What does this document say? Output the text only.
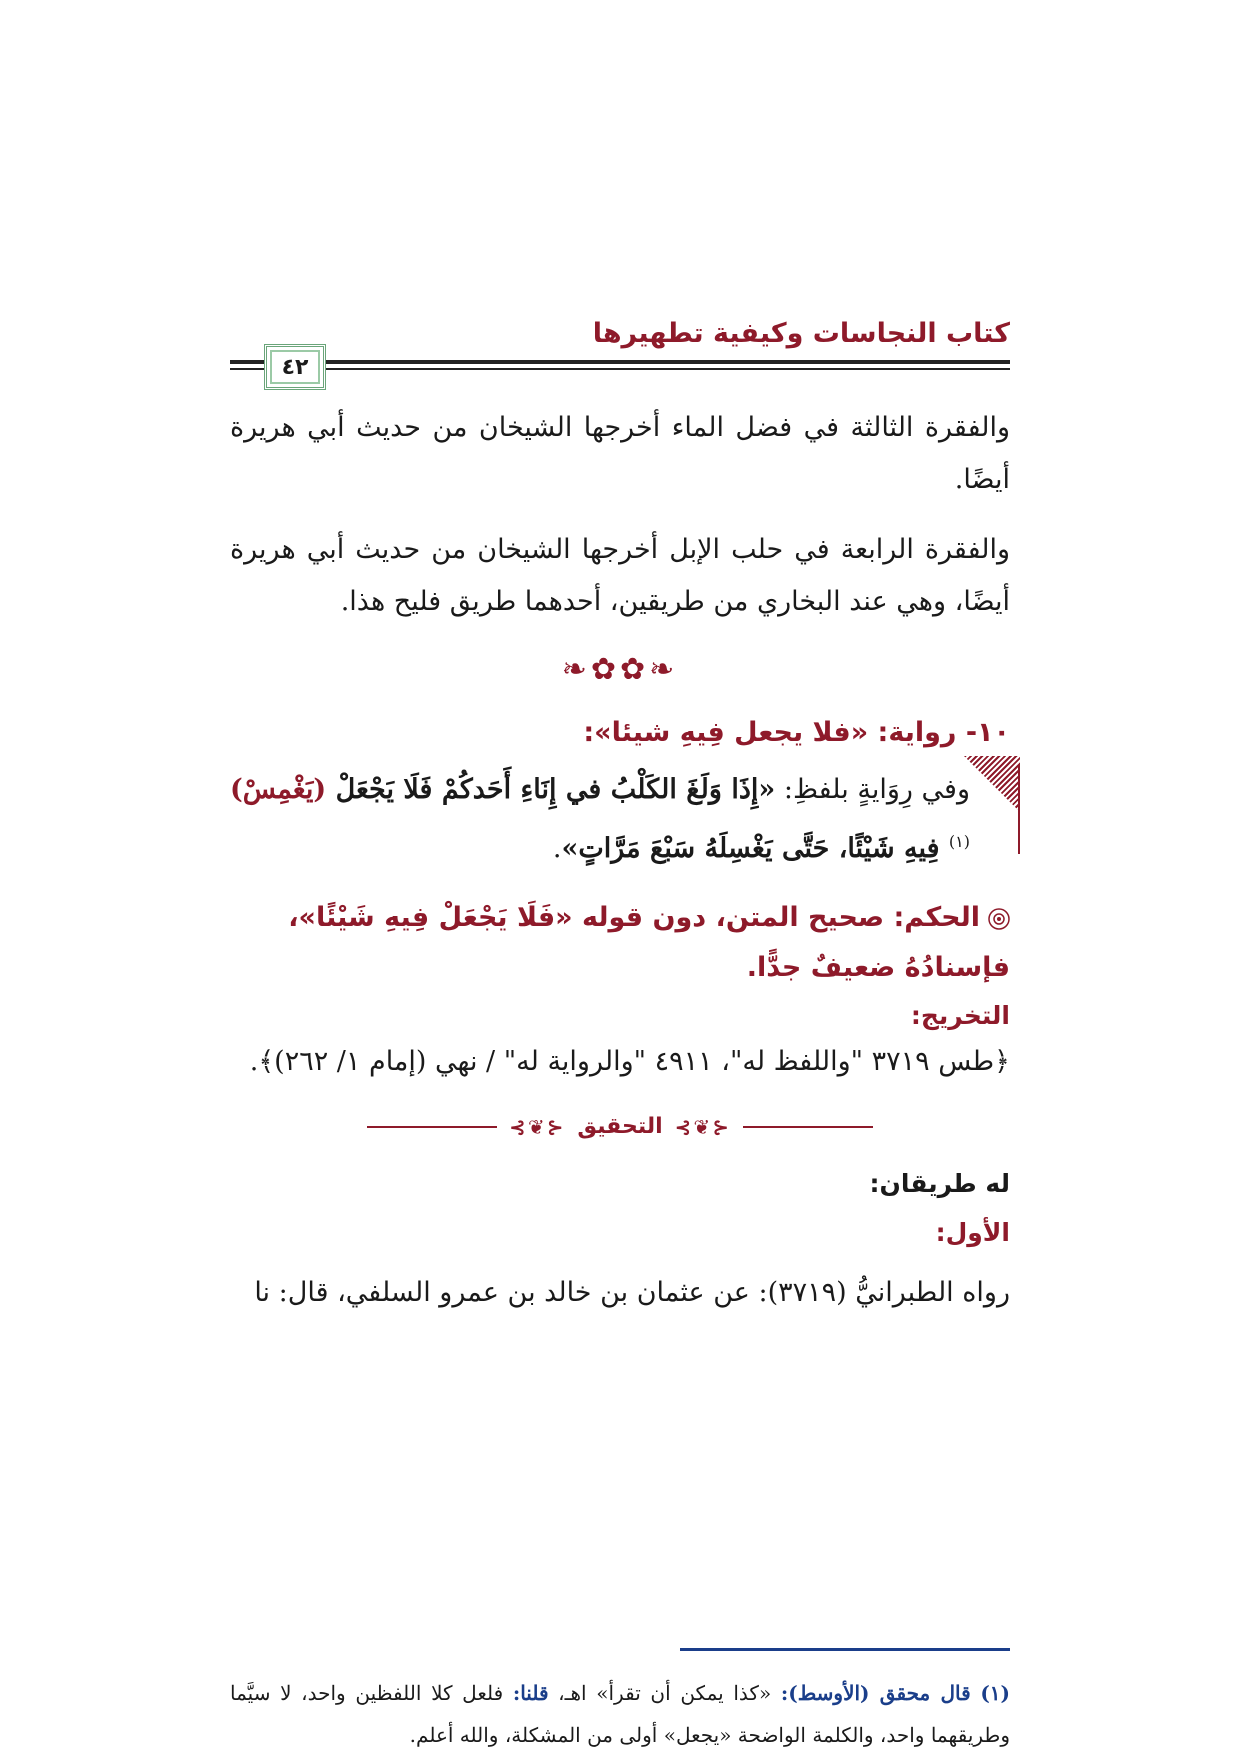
كتاب النجاسات وكيفية تطهيرها
٤٢

والفقرة الثالثة في فضل الماء أخرجها الشيخان من حديث أبي هريرة أيضًا.

والفقرة الرابعة في حلب الإبل أخرجها الشيخان من حديث أبي هريرة أيضًا، وهي عند البخاري من طريقين، أحدهما طريق فليح هذا.

❧✿✿❧
١٠- رواية: «فلا يجعل فِيهِ شيئا»:

وفي رِوَايةٍ بلفظِ: «إِذَا وَلَغَ الكَلْبُ في إِنَاءِ أَحَدكُمْ فَلَا يَجْعَلْ (يَغْمِسْ)$^{(١)}$ فِيهِ شَيْئًا، حَتَّى يَغْسِلَهُ سَبْعَ مَرَّاتٍ».

الحكم: صحيح المتن، دون قوله «فَلَا يَجْعَلْ فِيهِ شَيْئًا»، فإسنادُهُ ضعيفٌ جدًّا.
التخريج:

﴿طس ٣٧١٩ "واللفظ له"، ٤٩١١ "والرواية له" / نهي (إمام ١/ ٢٦٢)﴾.

⊰❦⊱
التحقيق
⊰❦⊱
له طريقان:
الأول:

رواه الطبرانيُّ (٣٧١٩): عن عثمان بن خالد بن عمرو السلفي، قال: نا

(١) قال محقق (الأوسط): «كذا يمكن أن تقرأ» اهـ، قلنا: فلعل كلا اللفظين واحد، لا سيَّما وطريقهما واحد، والكلمة الواضحة «يجعل» أولى من المشكلة، والله أعلم.
